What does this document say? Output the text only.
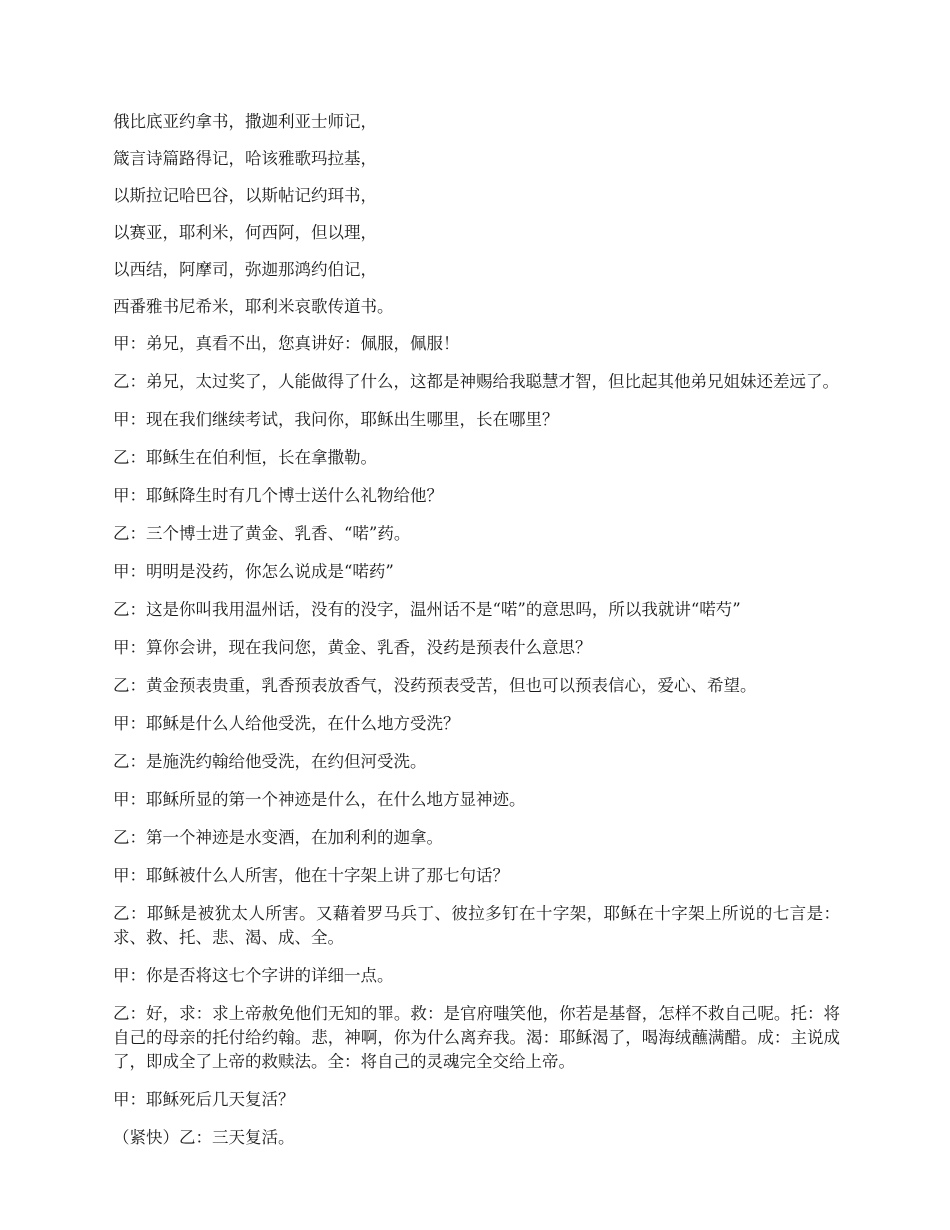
俄比底亚约拿书，撒迦利亚士师记，

箴言诗篇路得记，哈该雅歌玛拉基，

以斯拉记哈巴谷，以斯帖记约珥书，

以赛亚，耶利米，何西阿，但以理，

以西结，阿摩司，弥迦那鸿约伯记，

西番雅书尼希米，耶利米哀歌传道书。

甲：弟兄，真看不出，您真讲好：佩服，佩服！

乙：弟兄，太过奖了，人能做得了什么，这都是神赐给我聪慧才智，但比起其他弟兄姐妹还差远了。

甲：现在我们继续考试，我问你，耶稣出生哪里，长在哪里？

乙：耶稣生在伯利恒，长在拿撒勒。

甲：耶稣降生时有几个博士送什么礼物给他？

乙：三个博士进了黄金、乳香、“喏”药。

甲：明明是没药，你怎么说成是“喏药”

乙：这是你叫我用温州话，没有的没字，温州话不是“喏”的意思吗，所以我就讲“喏芍”

甲：算你会讲，现在我问您，黄金、乳香，没药是预表什么意思？

乙：黄金预表贵重，乳香预表放香气，没药预表受苦，但也可以预表信心，爱心、希望。

甲：耶稣是什么人给他受洗，在什么地方受洗？

乙：是施洗约翰给他受洗，在约但河受洗。

甲：耶稣所显的第一个神迹是什么，在什么地方显神迹。

乙：第一个神迹是水变酒，在加利利的迦拿。

甲：耶稣被什么人所害，他在十字架上讲了那七句话？

乙：耶稣是被犹太人所害。又藉着罗马兵丁、彼拉多钉在十字架，耶稣在十字架上所说的七言是：求、救、托、悲、渴、成、全。

甲：你是否将这七个字讲的详细一点。

乙：好，求：求上帝赦免他们无知的罪。救：是官府嗤笑他，你若是基督，怎样不救自己呢。托：将自己的母亲的托付给约翰。悲，神啊，你为什么离弃我。渴：耶稣渴了，喝海绒蘸满醋。成：主说成了，即成全了上帝的救赎法。全：将自己的灵魂完全交给上帝。

甲：耶稣死后几天复活？

（紧快）乙：三天复活。
